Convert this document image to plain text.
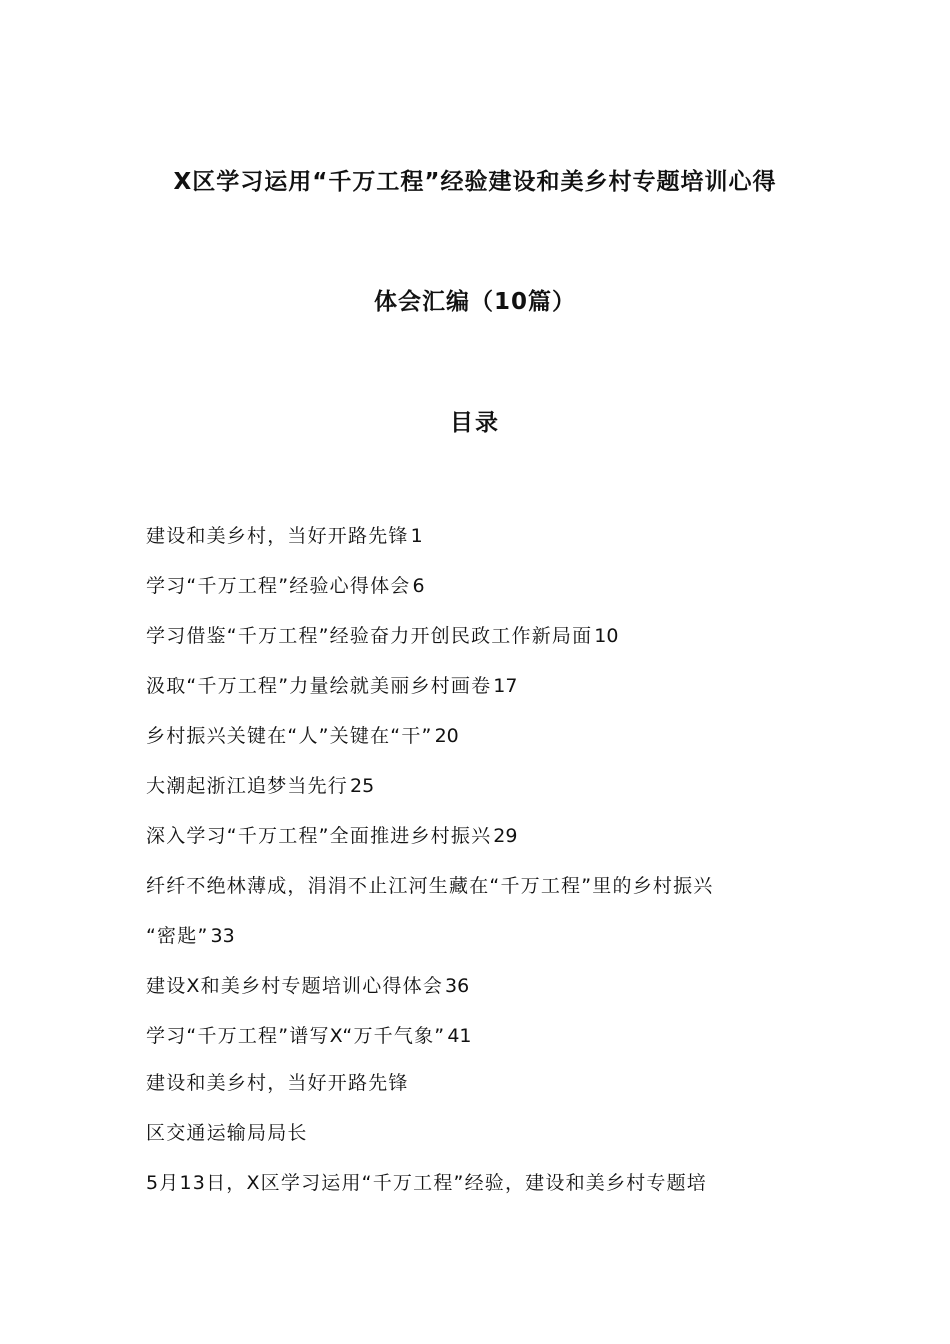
X区学习运用“千万工程”经验建设和美乡村专题培训心得
体会汇编（10篇）
目录
建设和美乡村，当好开路先锋 1
学习“千万工程”经验心得体会 6
学习借鉴“千万工程”经验奋力开创民政工作新局面 10
汲取“千万工程”力量绘就美丽乡村画卷 17
乡村振兴关键在“人”关键在“干” 20
大潮起浙江追梦当先行 25
深入学习“千万工程”全面推进乡村振兴 29
纤纤不绝林薄成，涓涓不止江河生藏在“千万工程”里的乡村振兴
“密匙” 33
建设X和美乡村专题培训心得体会 36
学习“千万工程”谱写X“万千气象” 41
建设和美乡村，当好开路先锋
区交通运输局局长
5月13日，X区学习运用“千万工程”经验，建设和美乡村专题培
